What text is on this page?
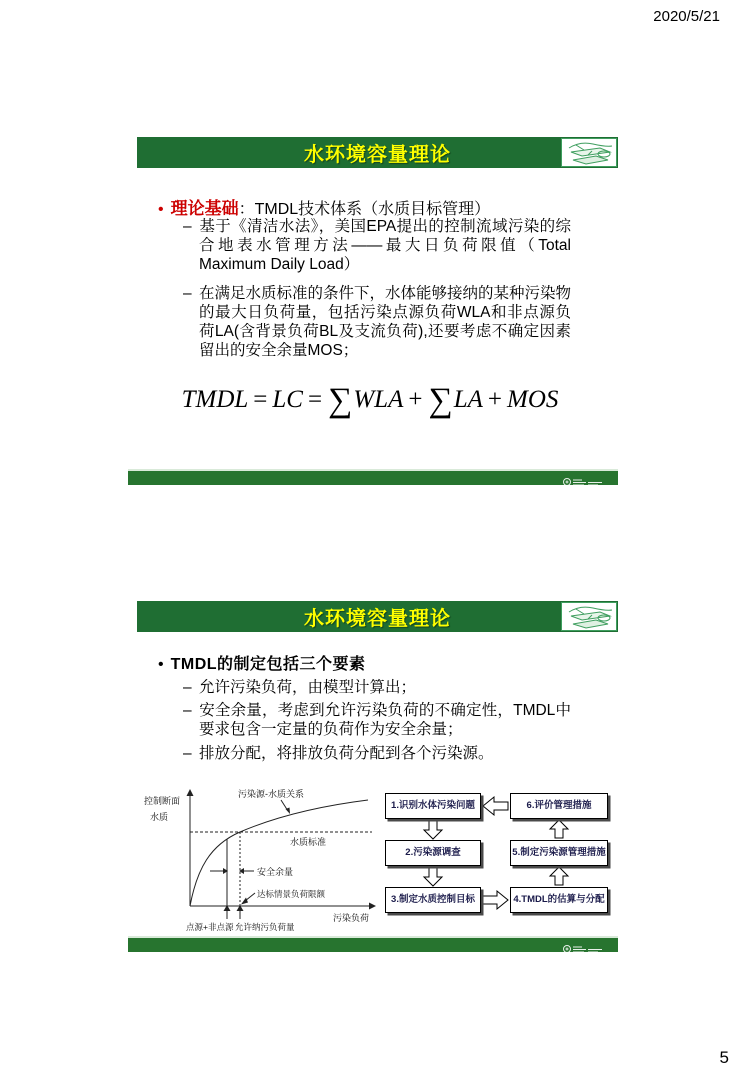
2020/5/21
5
水环境容量理论
• 理论基础：TMDL技术体系（水质目标管理）
– 基于《清洁水法》，美国EPA提出的控制流域污染的综合地表水管理方法——最大日负荷限值（Total Maximum Daily Load）
– 在满足水质标准的条件下，水体能够接纳的某种污染物的最大日负荷量，包括污染点源负荷WLA和非点源负荷LA(含背景负荷BL及支流负荷),还要考虑不确定因素留出的安全余量MOS；
TMDL = LC = ∑WLA + ∑LA + MOS
水环境容量理论
• TMDL的制定包括三个要素
– 允许污染负荷，由模型计算出；
– 安全余量，考虑到允许污染负荷的不确定性，TMDL中要求包含一定量的负荷作为安全余量；
– 排放分配，将排放负荷分配到各个污染源。
控制断面
水质
污染源-水质关系
水质标准
安全余量
达标情景负荷限额
污染负荷
点源+非点源 允许纳污负荷量
1.识别水体污染问题
2.污染源调查
3.制定水质控制目标	4.TMDL的估算与分配
5.制定污染源管理措施
6.评价管理措施
